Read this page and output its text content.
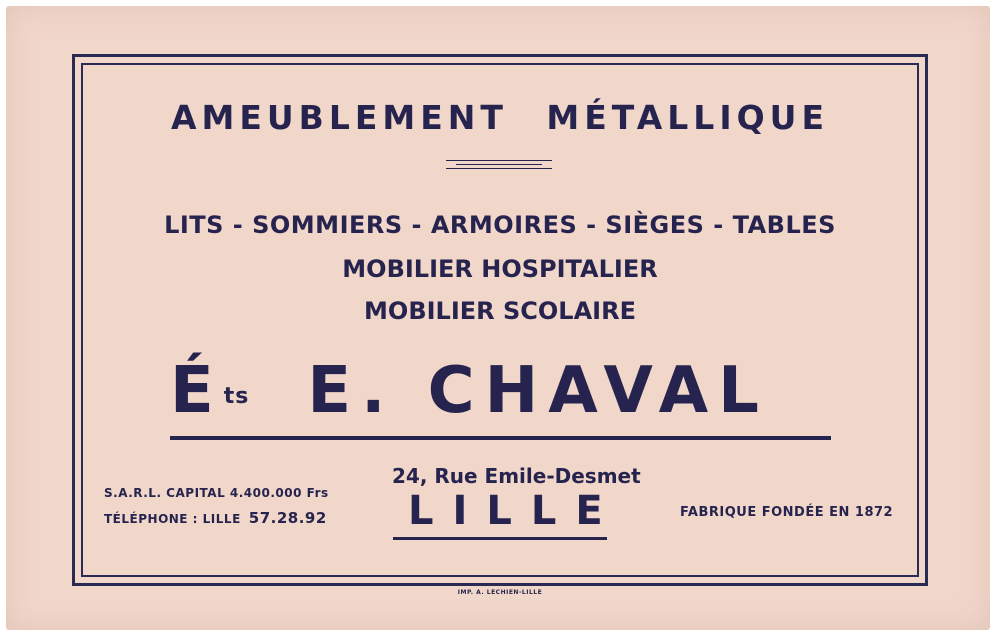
AMEUBLEMENT MÉTALLIQUE
LITS - SOMMIERS - ARMOIRES - SIÈGES - TABLES
MOBILIER HOSPITALIER
MOBILIER SCOLAIRE
$É^{ts}$ E. CHAVAL
S.A.R.L. CAPITAL 4.400.000 Frs
TÉLÉPHONE : LILLE 57.28.92
24, Rue Emile-Desmet
LILLE	FABRIQUE FONDÉE EN 1872
IMP. A. LECHIEN-LILLE
